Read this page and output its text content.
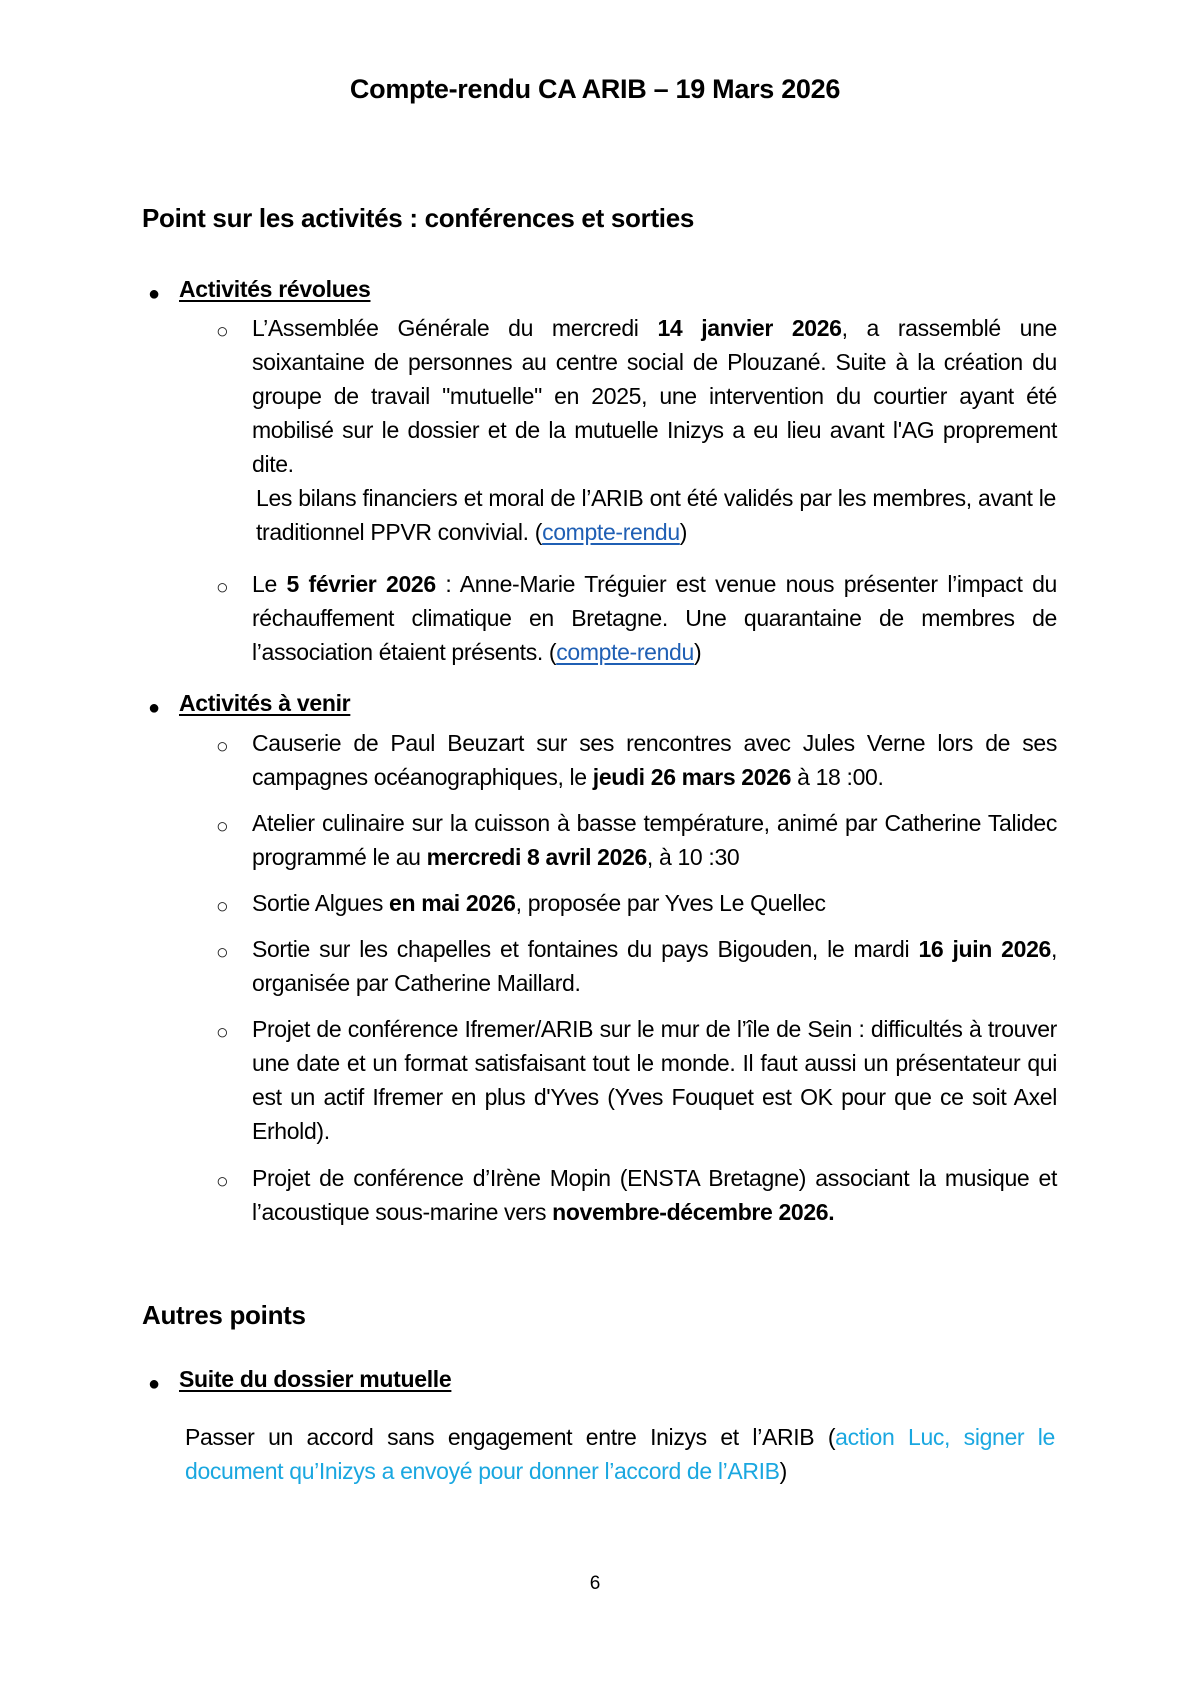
Compte-rendu CA ARIB – 19 Mars 2026
Point sur les activités : conférences et sorties
● Activités révolues
○ L’Assemblée Générale du mercredi 14 janvier 2026, a rassemblé une soixantaine de personnes au centre social de Plouzané. Suite à la création du groupe de travail "mutuelle" en 2025, une intervention du courtier ayant été mobilisé sur le dossier et de la mutuelle Inizys a eu lieu avant l'AG proprement dite.
Les bilans financiers et moral de l’ARIB ont été validés par les membres, avant le traditionnel PPVR convivial. (compte-rendu)
○ Le 5 février 2026 : Anne-Marie Tréguier est venue nous présenter l’impact du réchauffement climatique en Bretagne. Une quarantaine de membres de l’association étaient présents. (compte-rendu)
● Activités à venir
○ Causerie de Paul Beuzart sur ses rencontres avec Jules Verne lors de ses campagnes océanographiques, le jeudi 26 mars 2026 à 18 :00.
○ Atelier culinaire sur la cuisson à basse température, animé par Catherine Talidec programmé le au mercredi 8 avril 2026, à 10 :30
○ Sortie Algues en mai 2026, proposée par Yves Le Quellec
○ Sortie sur les chapelles et fontaines du pays Bigouden, le mardi 16 juin 2026, organisée par Catherine Maillard.
○ Projet de conférence Ifremer/ARIB sur le mur de l’île de Sein : difficultés à trouver une date et un format satisfaisant tout le monde. Il faut aussi un présentateur qui est un actif Ifremer en plus d'Yves (Yves Fouquet est OK pour que ce soit Axel Erhold).
○ Projet de conférence d’Irène Mopin (ENSTA Bretagne) associant la musique et l’acoustique sous-marine vers novembre-décembre 2026.
Autres points
● Suite du dossier mutuelle
Passer un accord sans engagement entre Inizys et l’ARIB (action Luc, signer le document qu’Inizys a envoyé pour donner l’accord de l’ARIB)
6
